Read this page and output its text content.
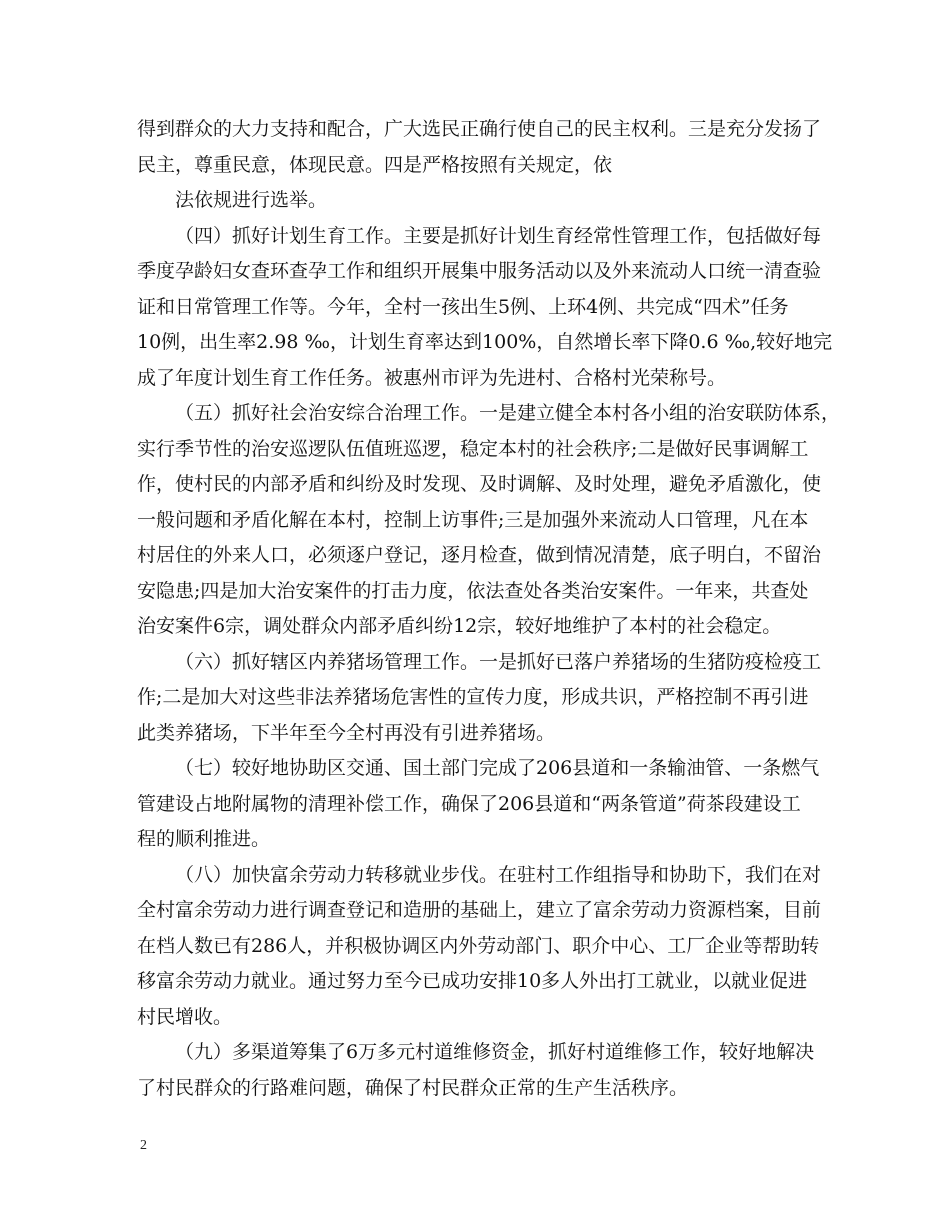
得到群众的大力支持和配合，广大选民正确行使自己的民主权利。三是充分发扬了
民主，尊重民意，体现民意。四是严格按照有关规定，依
法依规进行选举。
（四）抓好计划生育工作。主要是抓好计划生育经常性管理工作，包括做好每
季度孕龄妇女查环查孕工作和组织开展集中服务活动以及外来流动人口统一清查验
证和日常管理工作等。今年，全村一孩出生5例、上环4例、共完成“四术”任务
10例，出生率2.98 ‰，计划生育率达到100%，自然增长率下降0.6 ‰,较好地完
成了年度计划生育工作任务。被惠州市评为先进村、合格村光荣称号。
（五）抓好社会治安综合治理工作。一是建立健全本村各小组的治安联防体系，
实行季节性的治安巡逻队伍值班巡逻，稳定本村的社会秩序;二是做好民事调解工
作，使村民的内部矛盾和纠纷及时发现、及时调解、及时处理，避免矛盾激化，使
一般问题和矛盾化解在本村，控制上访事件;三是加强外来流动人口管理，凡在本
村居住的外来人口，必须逐户登记，逐月检查，做到情况清楚，底子明白，不留治
安隐患;四是加大治安案件的打击力度，依法查处各类治安案件。一年来，共查处
治安案件6宗，调处群众内部矛盾纠纷12宗，较好地维护了本村的社会稳定。
（六）抓好辖区内养猪场管理工作。一是抓好已落户养猪场的生猪防疫检疫工
作;二是加大对这些非法养猪场危害性的宣传力度，形成共识，严格控制不再引进
此类养猪场，下半年至今全村再没有引进养猪场。
（七）较好地协助区交通、国土部门完成了206县道和一条输油管、一条燃气
管建设占地附属物的清理补偿工作，确保了206县道和“两条管道”荷茶段建设工
程的顺利推进。
（八）加快富余劳动力转移就业步伐。在驻村工作组指导和协助下，我们在对
全村富余劳动力进行调查登记和造册的基础上，建立了富余劳动力资源档案，目前
在档人数已有286人，并积极协调区内外劳动部门、职介中心、工厂企业等帮助转
移富余劳动力就业。通过努力至今已成功安排10多人外出打工就业，以就业促进
村民增收。
（九）多渠道筹集了6万多元村道维修资金，抓好村道维修工作，较好地解决
了村民群众的行路难问题，确保了村民群众正常的生产生活秩序。
2
